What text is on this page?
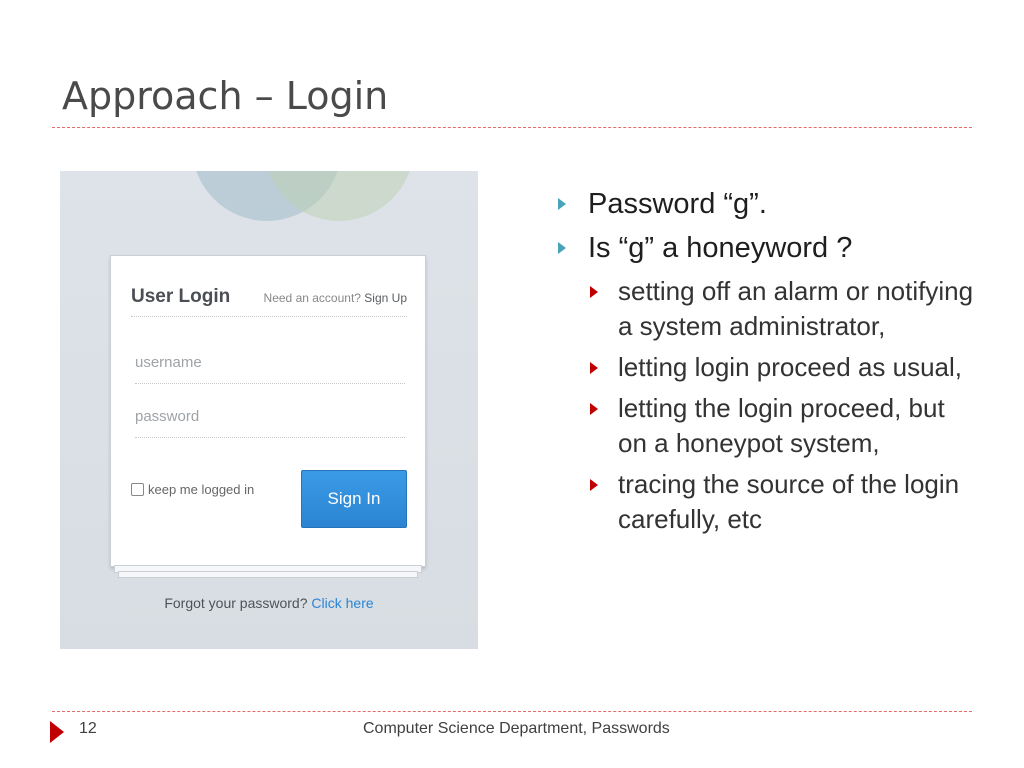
Approach – Login
User Login	Need an account? Sign Up
username
password
keep me logged in	Sign In
Forgot your password? Click here
Password “g”.
Is “g” a honeyword ?
setting off an alarm or notifying a system administrator,
letting login proceed as usual,
letting the login proceed, but on a honeypot system,
tracing the source of the login carefully, etc
12	Computer Science Department, Passwords
